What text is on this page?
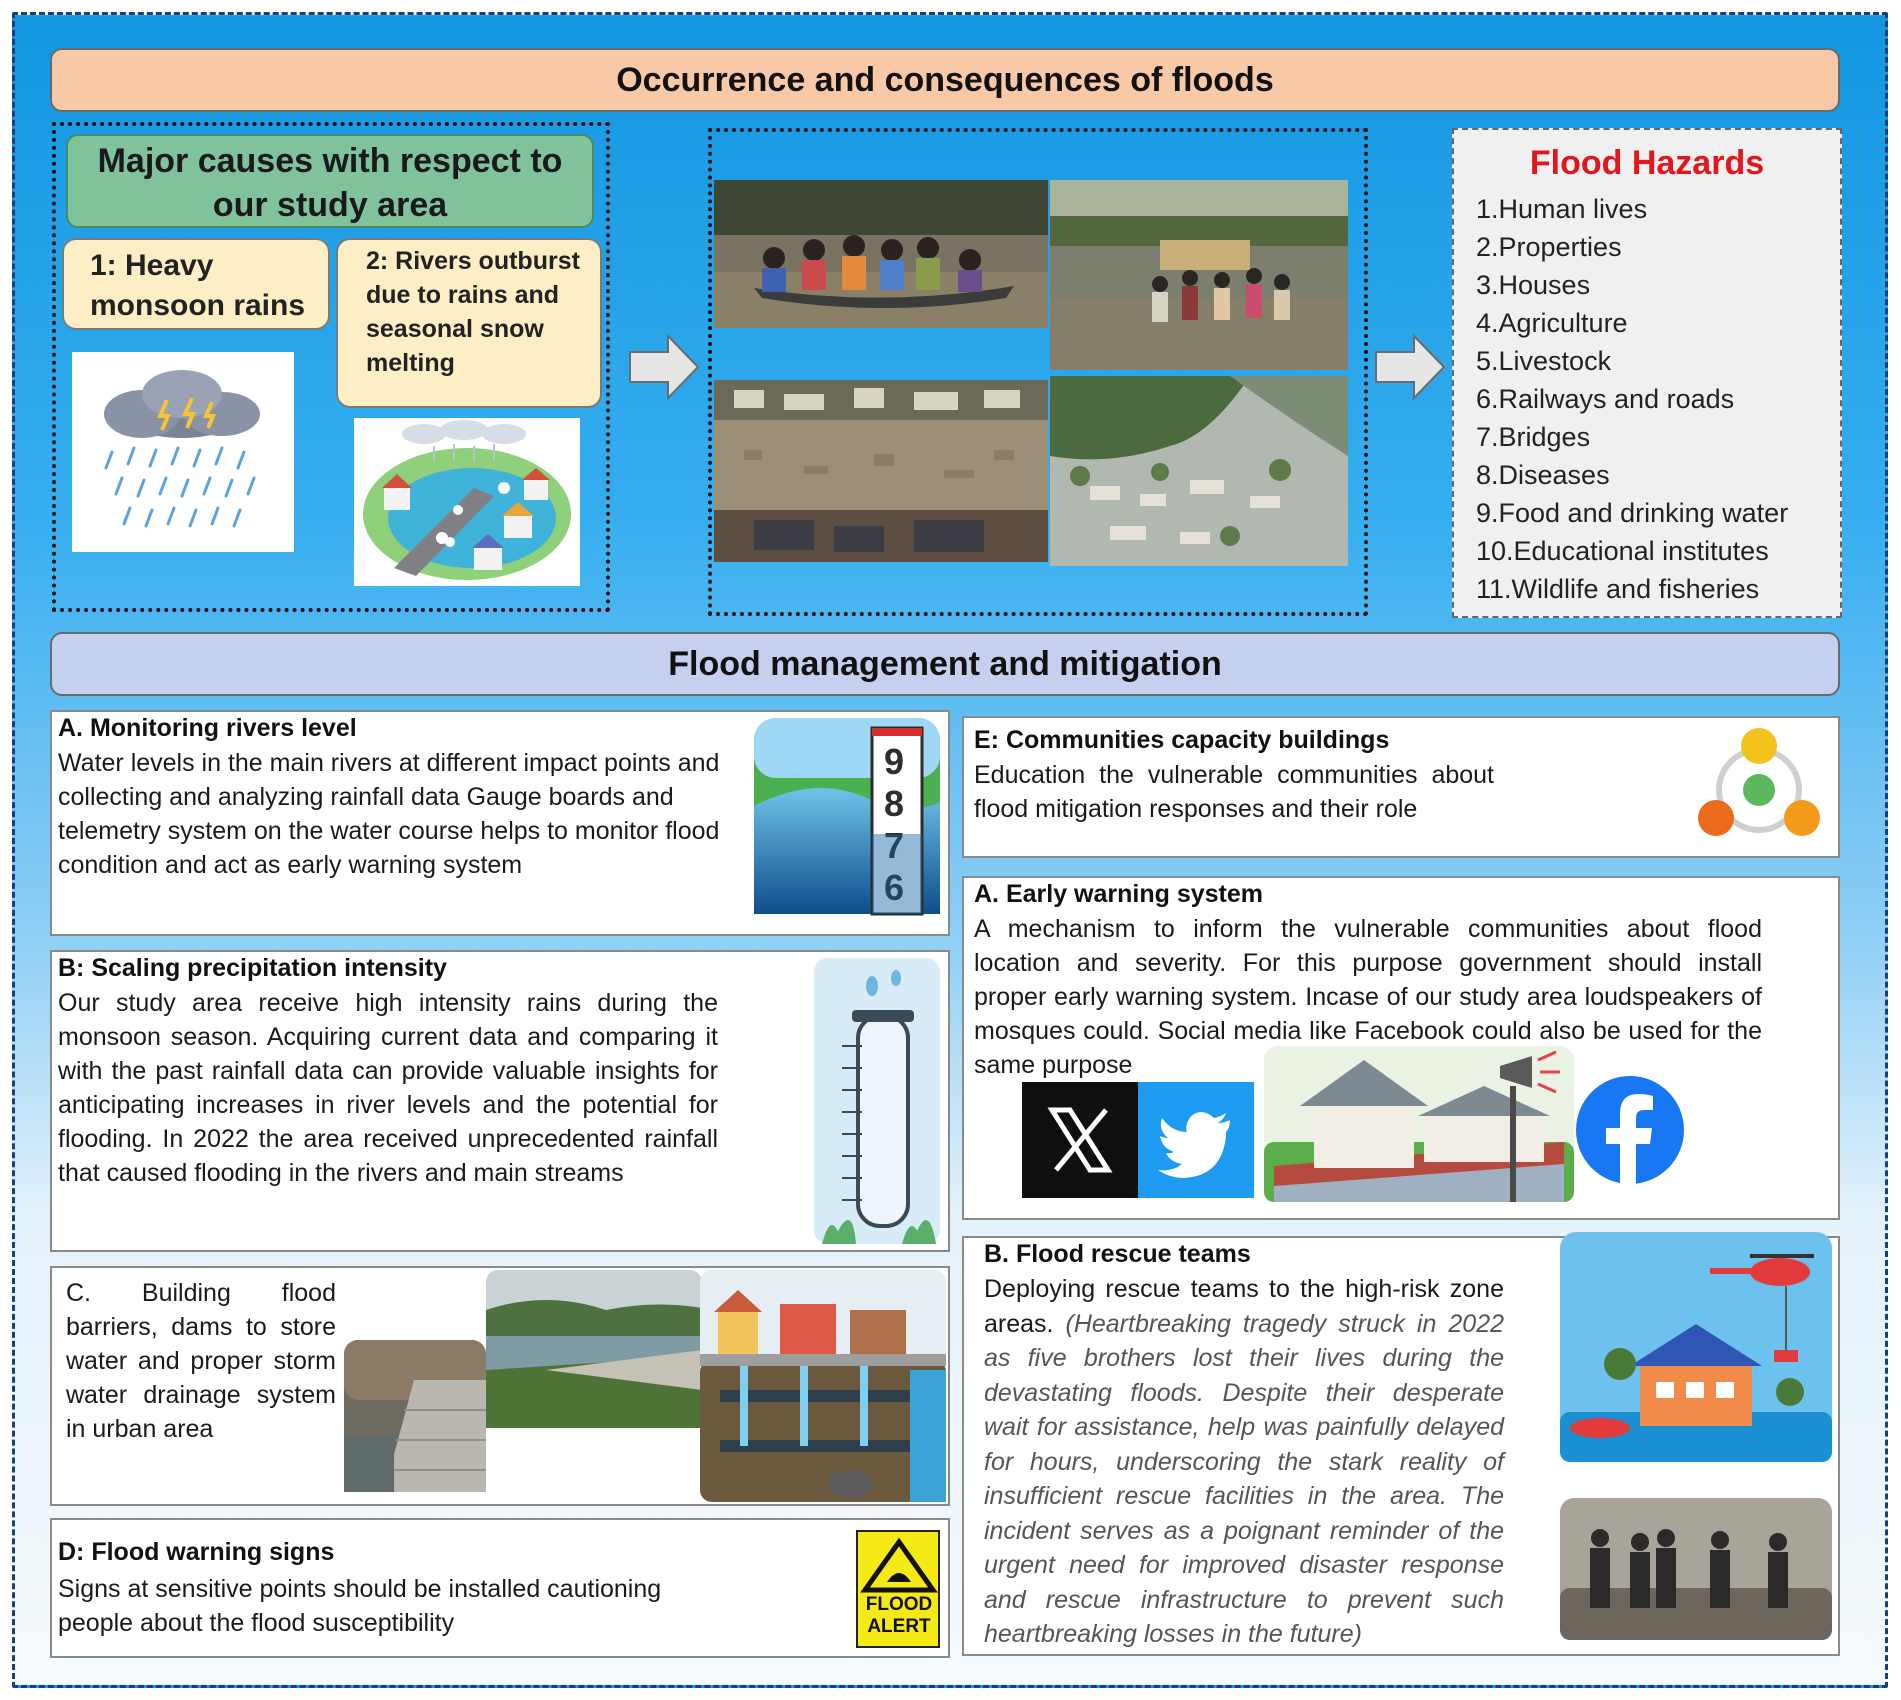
Occurrence and consequences of floods
Major causes with respect to our study area
1: Heavy monsoon rains
2: Rivers outburst due to rains and seasonal snow melting
Flood Hazards
1.Human lives
2.Properties
3.Houses
4.Agriculture
5.Livestock
6.Railways and roads
7.Bridges
8.Diseases
9.Food and drinking water
10.Educational institutes
11.Wildlife and fisheries
Flood management and mitigation
A. Monitoring rivers level
Water levels in the main rivers at different impact points and collecting and analyzing rainfall data Gauge boards and telemetry system on the water course helps to monitor flood condition and act as early warning system
9
8
7
6
B: Scaling precipitation intensity
Our study area receive high intensity rains during the monsoon season. Acquiring current data and comparing it with the past rainfall data can provide valuable insights for anticipating increases in river levels and the potential for flooding. In 2022 the area received unprecedented rainfall that caused flooding in the rivers and main streams
C. Building flood barriers, dams to store water and proper storm water drainage system in urban area
D: Flood warning signs
Signs at sensitive points should be installed cautioning people about the flood susceptibility
FLOOD ALERT
E: Communities capacity buildings
Education the vulnerable communities about flood mitigation responses and their role
A. Early warning system
A mechanism to inform the vulnerable communities about flood location and severity. For this purpose government should install proper early warning system. Incase of our study area loudspeakers of mosques could. Social media like Facebook could also be used for the same purpose
B. Flood rescue teams
Deploying rescue teams to the high-risk zone areas. (Heartbreaking tragedy struck in 2022 as five brothers lost their lives during the devastating floods. Despite their desperate wait for assistance, help was painfully delayed for hours, underscoring the stark reality of insufficient rescue facilities in the area. The incident serves as a poignant reminder of the urgent need for improved disaster response and rescue infrastructure to prevent such heartbreaking losses in the future)
